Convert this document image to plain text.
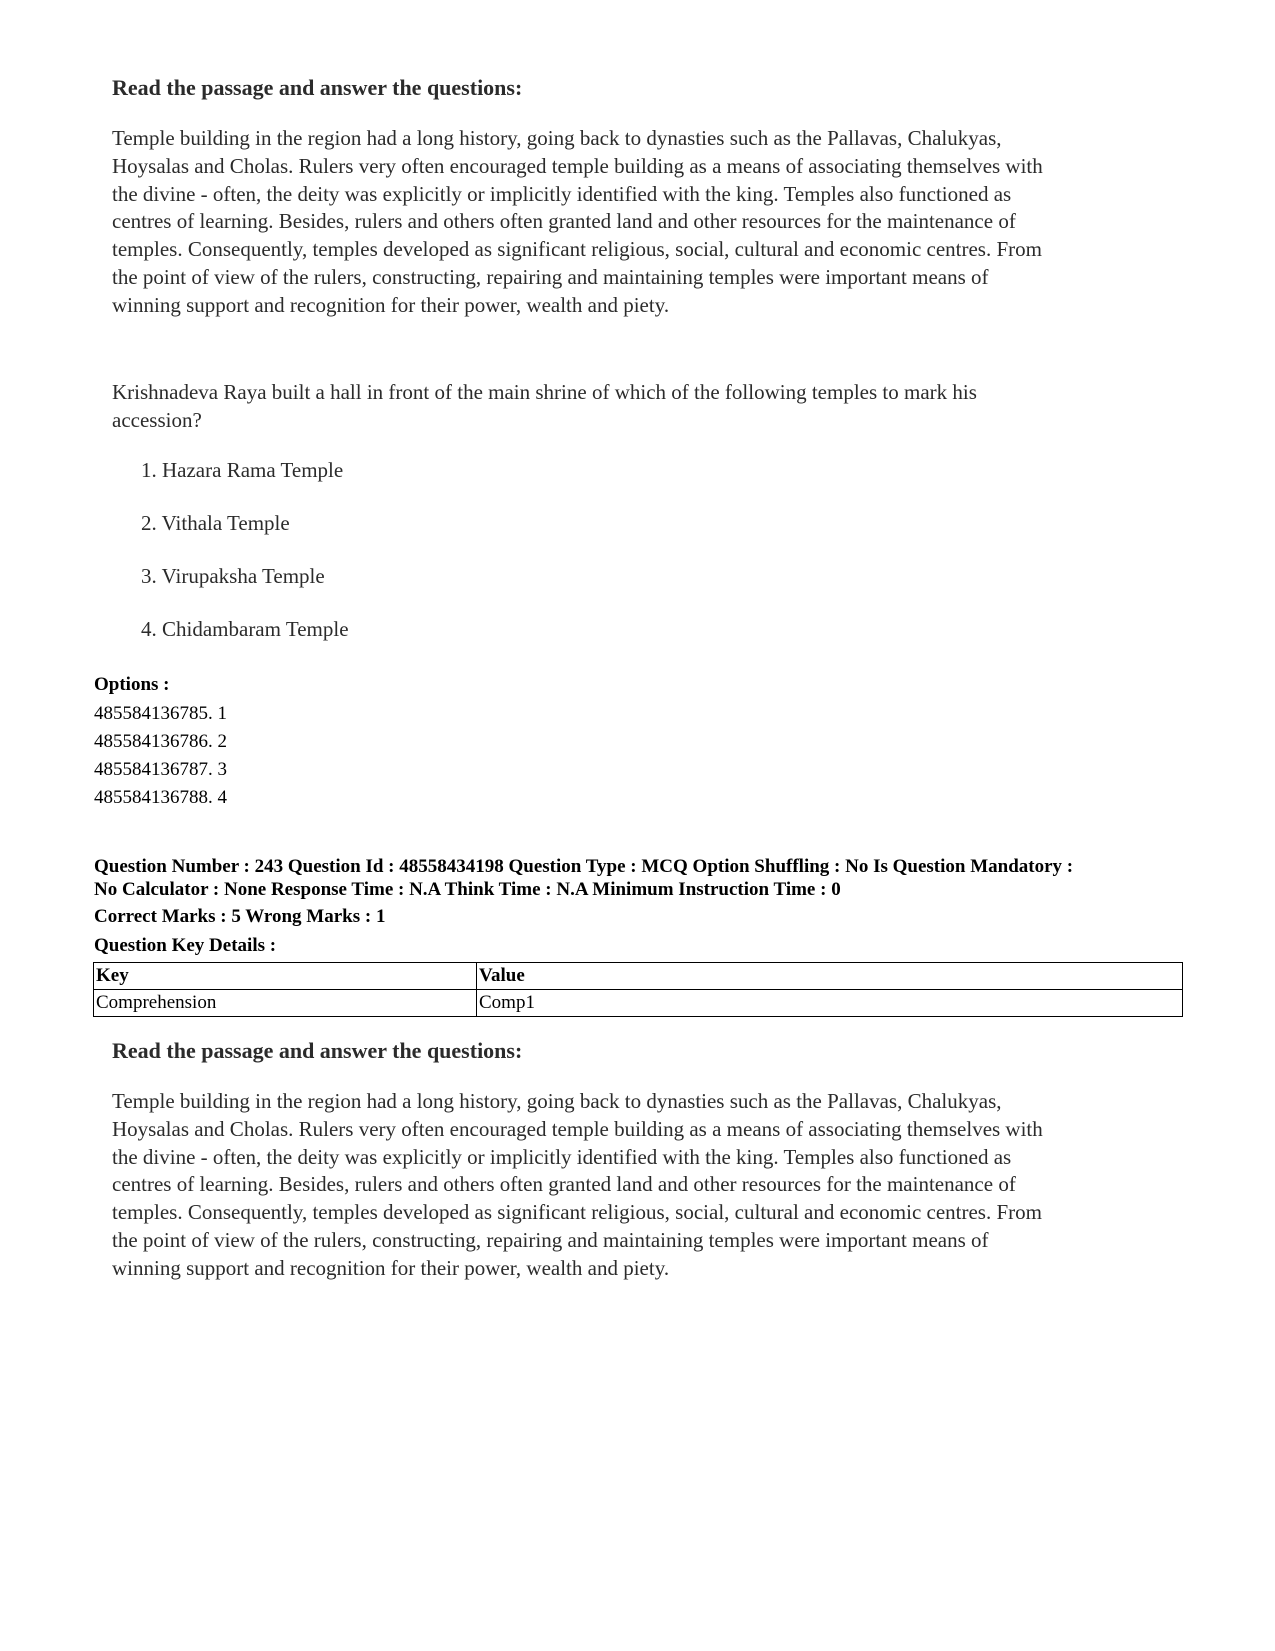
Read the passage and answer the questions:
Temple building in the region had a long history, going back to dynasties such as the Pallavas, Chalukyas,
Hoysalas and Cholas. Rulers very often encouraged temple building as a means of associating themselves with
the divine - often, the deity was explicitly or implicitly identified with the king. Temples also functioned as
centres of learning. Besides, rulers and others often granted land and other resources for the maintenance of
temples. Consequently, temples developed as significant religious, social, cultural and economic centres. From
the point of view of the rulers, constructing, repairing and maintaining temples were important means of
winning support and recognition for their power, wealth and piety.
Krishnadeva Raya built a hall in front of the main shrine of which of the following temples to mark his
accession?
1. Hazara Rama Temple
2. Vithala Temple
3. Virupaksha Temple
4. Chidambaram Temple
Options :
485584136785. 1
485584136786. 2
485584136787. 3
485584136788. 4
Question Number : 243 Question Id : 48558434198 Question Type : MCQ Option Shuffling : No Is Question Mandatory :
No Calculator : None Response Time : N.A Think Time : N.A Minimum Instruction Time : 0
Correct Marks : 5 Wrong Marks : 1
Question Key Details :
Key	Value
Comprehension	Comp1
Read the passage and answer the questions:
Temple building in the region had a long history, going back to dynasties such as the Pallavas, Chalukyas,
Hoysalas and Cholas. Rulers very often encouraged temple building as a means of associating themselves with
the divine - often, the deity was explicitly or implicitly identified with the king. Temples also functioned as
centres of learning. Besides, rulers and others often granted land and other resources for the maintenance of
temples. Consequently, temples developed as significant religious, social, cultural and economic centres. From
the point of view of the rulers, constructing, repairing and maintaining temples were important means of
winning support and recognition for their power, wealth and piety.
